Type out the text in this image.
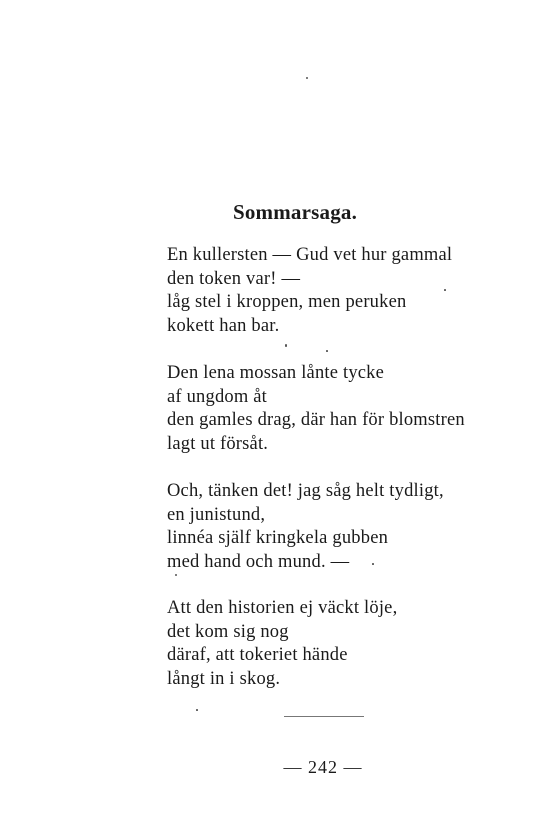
Sommarsaga.
En kullersten — Gud vet hur gammal
den token var! —
låg stel i kroppen, men peruken
kokett han bar.
Den lena mossan lånte tycke
af ungdom åt
den gamles drag, där han för blomstren
lagt ut försåt.
Och, tänken det! jag såg helt tydligt,
en junistund,
linnéa själf kringkela gubben
med hand och mund. —
Att den historien ej väckt löje,
det kom sig nog
däraf, att tokeriet hände
långt in i skog.
— 242 —
